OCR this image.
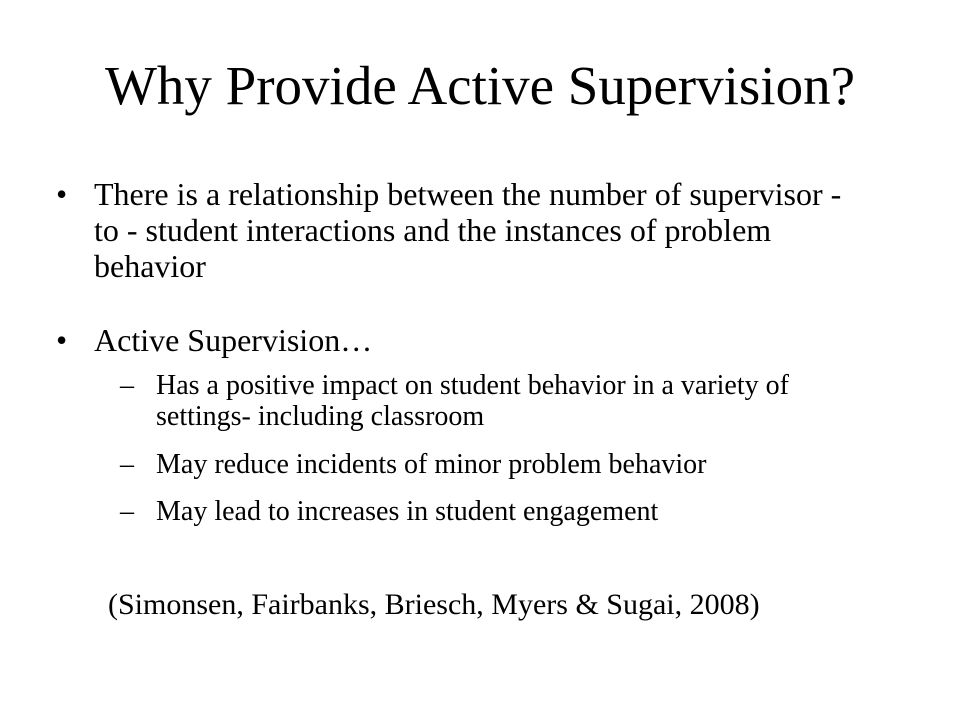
Why Provide Active Supervision?
• There is a relationship between the number of supervisor - to - student interactions and the instances of problem behavior
• Active Supervision…
– Has a positive impact on student behavior in a variety of settings- including classroom
– May reduce incidents of minor problem behavior
– May lead to increases in student engagement
(Simonsen, Fairbanks, Briesch, Myers & Sugai, 2008)
